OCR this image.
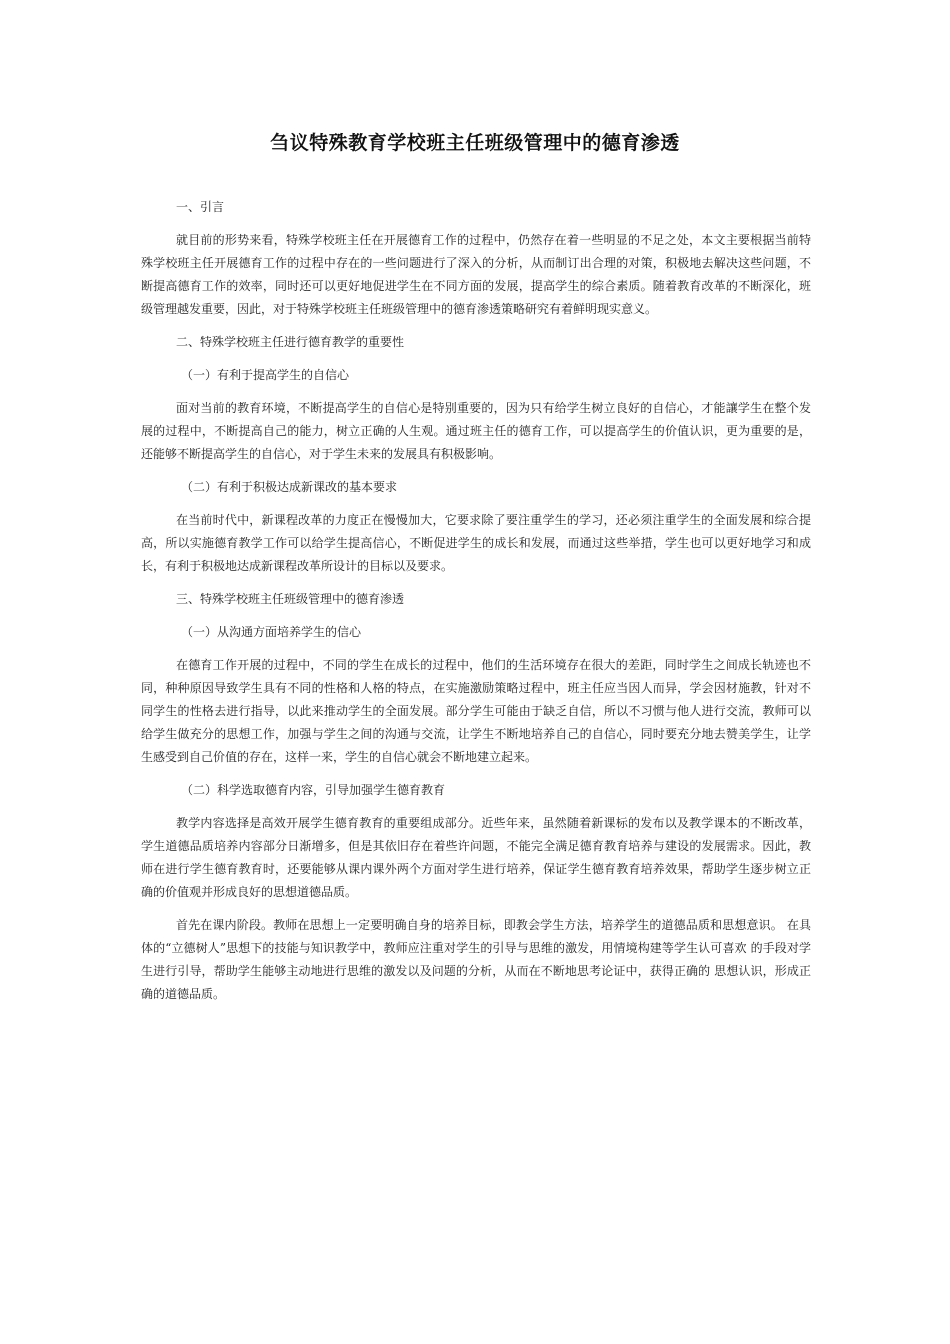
刍议特殊教育学校班主任班级管理中的德育渗透
一、引言
就目前的形势来看，特殊学校班主任在开展德育工作的过程中，仍然存在着一些明显的不足之处，本文主要根据当前特殊学校班主任开展德育工作的过程中存在的一些问题进行了深入的分析，从而制订出合理的对策，积极地去解决这些问题，不断提高德育工作的效率，同时还可以更好地促进学生在不同方面的发展，提高学生的综合素质。随着教育改革的不断深化，班级管理越发重要，因此，对于特殊学校班主任班级管理中的德育渗透策略研究有着鲜明现实意义。
二、特殊学校班主任进行德育教学的重要性
（一）有利于提高学生的自信心
面对当前的教育环境，不断提高学生的自信心是特别重要的，因为只有给学生树立良好的自信心，才能讓学生在整个发展的过程中，不断提高自己的能力，树立正确的人生观。通过班主任的德育工作，可以提高学生的价值认识，更为重要的是，还能够不断提高学生的自信心，对于学生未来的发展具有积极影响。
（二）有利于积极达成新课改的基本要求
在当前时代中，新课程改革的力度正在慢慢加大，它要求除了要注重学生的学习，还必须注重学生的全面发展和综合提高，所以实施德育教学工作可以给学生提高信心，不断促进学生的成长和发展，而通过这些举措，学生也可以更好地学习和成长，有利于积极地达成新课程改革所设计的目标以及要求。
三、特殊学校班主任班级管理中的德育渗透
（一）从沟通方面培养学生的信心
在德育工作开展的过程中，不同的学生在成长的过程中，他们的生活环境存在很大的差距，同时学生之间成长轨迹也不同，种种原因导致学生具有不同的性格和人格的特点，在实施激励策略过程中，班主任应当因人而异，学会因材施教，针对不同学生的性格去进行指导，以此来推动学生的全面发展。部分学生可能由于缺乏自信，所以不习惯与他人进行交流，教师可以给学生做充分的思想工作，加强与学生之间的沟通与交流，让学生不断地培养自己的自信心，同时要充分地去赞美学生，让学生感受到自己价值的存在，这样一来，学生的自信心就会不断地建立起来。
（二）科学选取德育内容，引导加强学生德育教育
教学内容选择是高效开展学生德育教育的重要组成部分。近些年来，虽然随着新课标的发布以及教学课本的不断改革，学生道德品质培养内容部分日渐增多，但是其依旧存在着些许问题，不能完全满足德育教育培养与建设的发展需求。因此，教师在进行学生德育教育时，还要能够从课内课外两个方面对学生进行培养，保证学生德育教育培养效果，帮助学生逐步树立正确的价值观并形成良好的思想道德品质。
首先在课内阶段。教师在思想上一定要明确自身的培养目标，即教会学生方法，培养学生的道德品质和思想意识。 在具体的“立德树人”思想下的技能与知识教学中，教师应注重对学生的引导与思维的激发，用情境构建等学生认可喜欢 的手段对学生进行引导，帮助学生能够主动地进行思维的激发以及问题的分析，从而在不断地思考论证中，获得正确的 思想认识，形成正确的道德品质。
